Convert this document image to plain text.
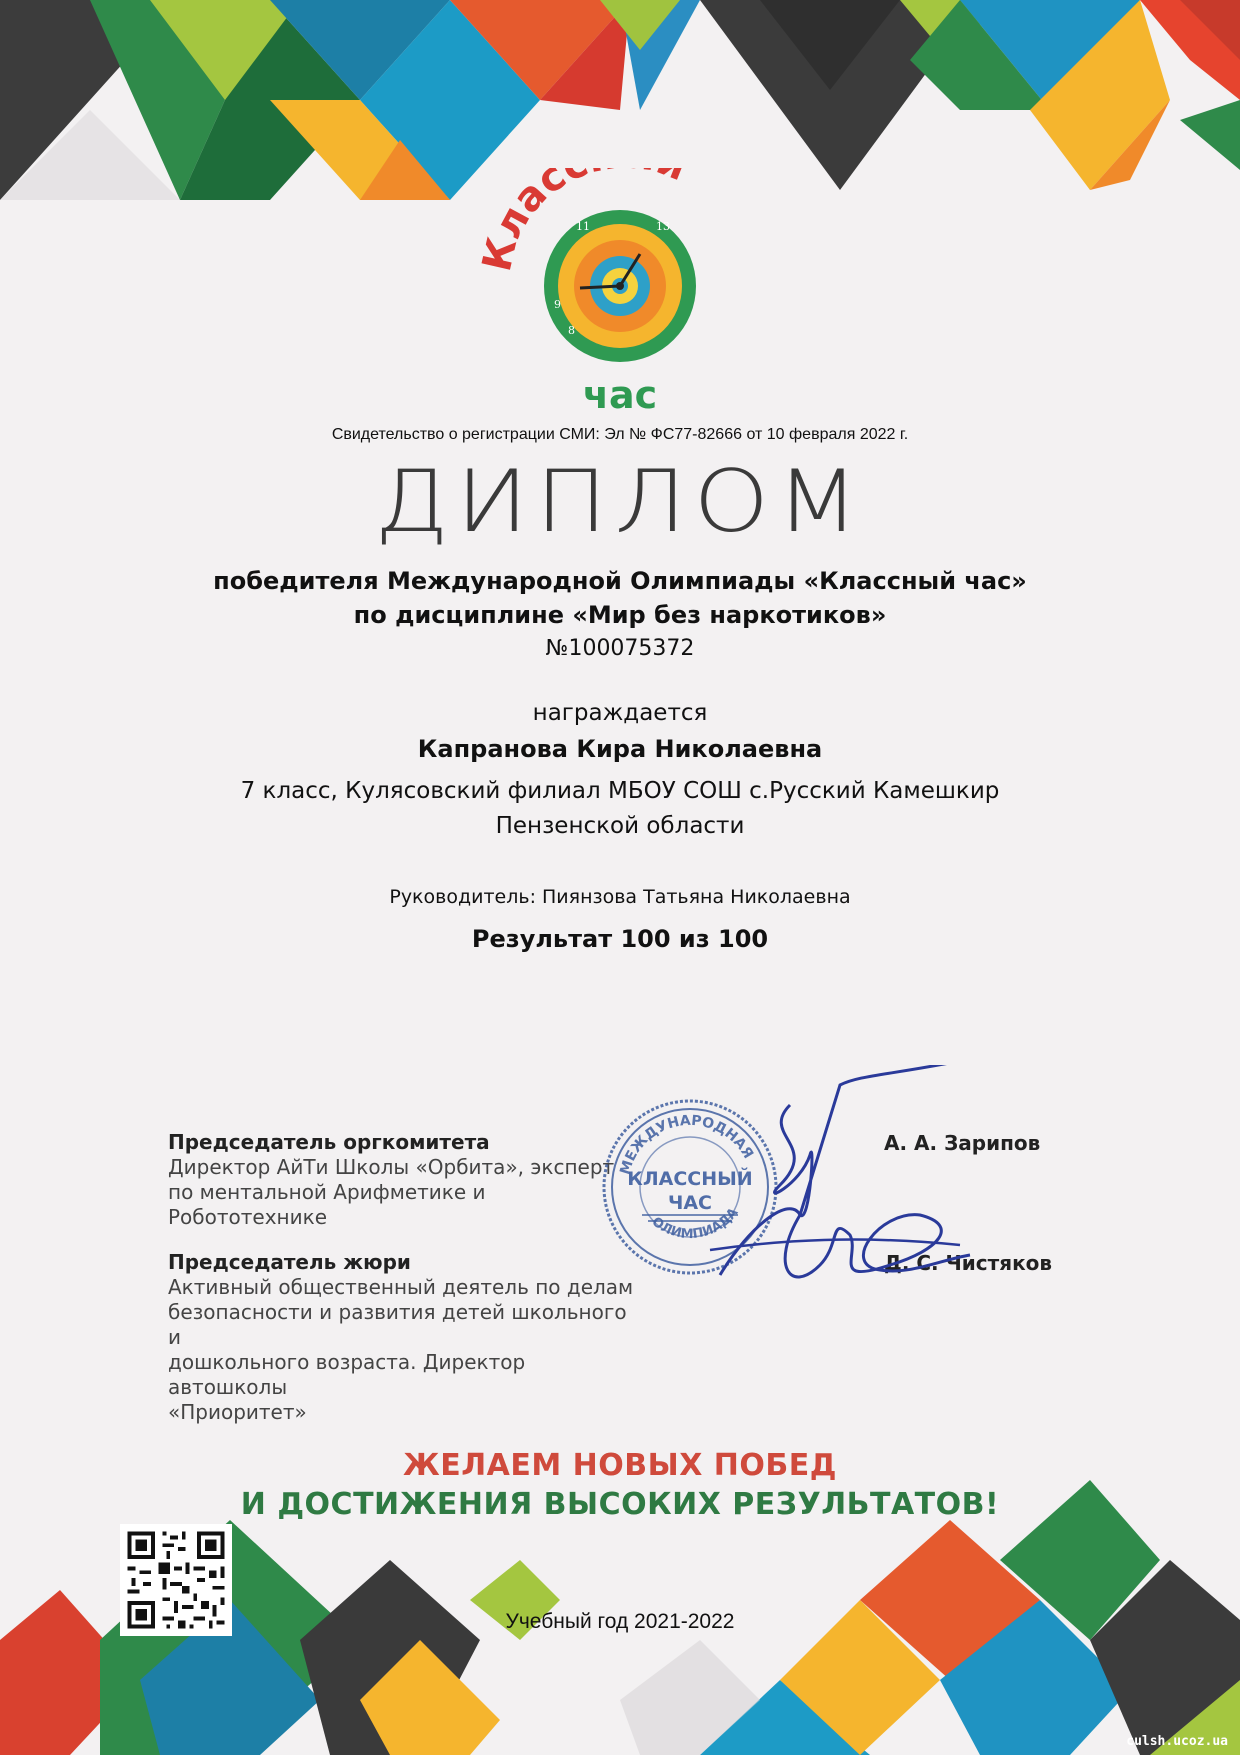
Клас
11	13
9
8
час
Свидетельство о регистрации СМИ: Эл № ФС77-82666 от 10 февраля 2022 г.
ДИПЛОМ
победителя Международной Олимпиады «Классный час»
по дисциплине «Мир без наркотиков»
№100075372
награждается
Капранова Кира Николаевна
7 класс, Кулясовский филиал МБОУ СОШ с.Русский Камешкир
Пензенской области
Руководитель: Пиянзова Татьяна Николаевна
Результат 100 из 100
Председатель оргкомитета
Директор АйТи Школы «Орбита», эксперт
по ментальной Арифметике и Робототехнике
А. А. Зарипов
Председатель жюри
Активный общественный деятель по делам
безопасности и развития детей школьного и
дошкольного возраста. Директор автошколы
«Приоритет»
Д. С. Чистяков
МЕЖДУНАРОДНАЯ
ОЛИМПИАДА
КЛАССНЫЙ
ЧАС
ЖЕЛАЕМ НОВЫХ ПОБЕД
И ДОСТИЖЕНИЯ ВЫСОКИХ РЕЗУЛЬТАТОВ!
Учебный год 2021-2022
culsh.ucoz.ua
